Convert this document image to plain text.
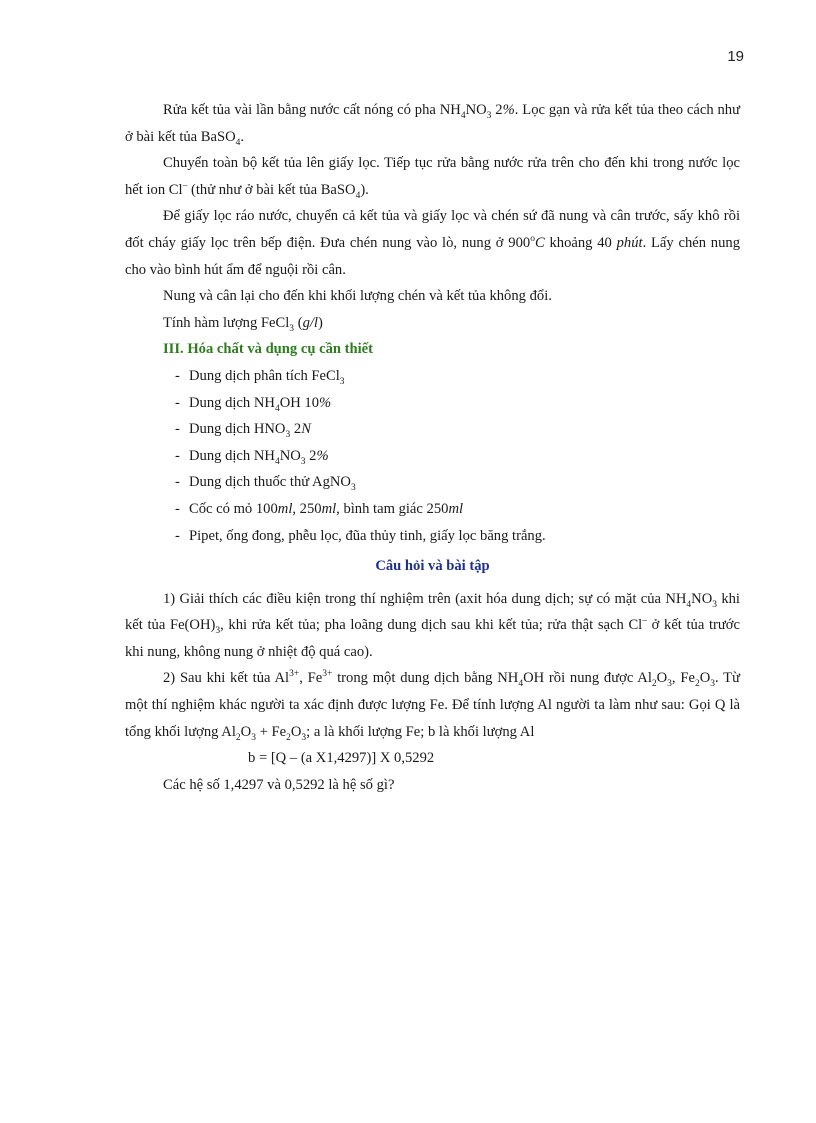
19

Rửa kết tủa vài lần bằng nước cất nóng có pha $NH_4NO_3$ 2%. Lọc gạn và rửa kết tủa theo cách như ở bài kết tủa BaSO$_4$.

Chuyển toàn bộ kết tủa lên giấy lọc. Tiếp tục rửa bằng nước rửa trên cho đến khi trong nước lọc hết ion Cl– (thử như ở bài kết tủa BaSO$_4$).

Để giấy lọc ráo nước, chuyển cả kết tủa và giấy lọc và chén sứ đã nung và cân trước, sấy khô rồi đốt cháy giấy lọc trên bếp điện. Đưa chén nung vào lò, nung ở 900$^o$C khoảng 40 phút. Lấy chén nung cho vào bình hút ẩm để nguội rồi cân.

Nung và cân lại cho đến khi khối lượng chén và kết tủa không đổi.

Tính hàm lượng FeCl$_3$ (g/l)

III. Hóa chất và dụng cụ cần thiết
- Dung dịch phân tích FeCl$_3$
- Dung dịch $NH_4OH$ 10%
- Dung dịch $HNO_3$ 2N
- Dung dịch $NH_4NO_3$ 2%
- Dung dịch thuốc thử AgNO$_3$
- Cốc có mỏ 100ml, 250ml, bình tam giác 250ml
- Pipet, ống đong, phễu lọc, đũa thủy tinh, giấy lọc băng trắng.
Câu hỏi và bài tập

1) Giải thích các điều kiện trong thí nghiệm trên (axit hóa dung dịch; sự có mặt của $NH_4NO_3$ khi kết tủa $Fe(OH)_3$, khi rửa kết tủa; pha loãng dung dịch sau khi kết tủa; rửa thật sạch Cl– ở kết tủa trước khi nung, không nung ở nhiệt độ quá cao).

2) Sau khi kết tủa $Al^{3+}$, $Fe^{3+}$ trong một dung dịch bằng $NH_4OH$ rồi nung được $Al_2O_3$, $Fe_2O_3$. Từ một thí nghiệm khác người ta xác định được lượng Fe. Để tính lượng Al người ta làm như sau: Gọi Q là tổng khối lượng $Al_2O_3 + Fe_2O_3$; a là khối lượng Fe; b là khối lượng Al

b = [Q – (a X1,4297)] X 0,5292

Các hệ số 1,4297 và 0,5292 là hệ số gì?
